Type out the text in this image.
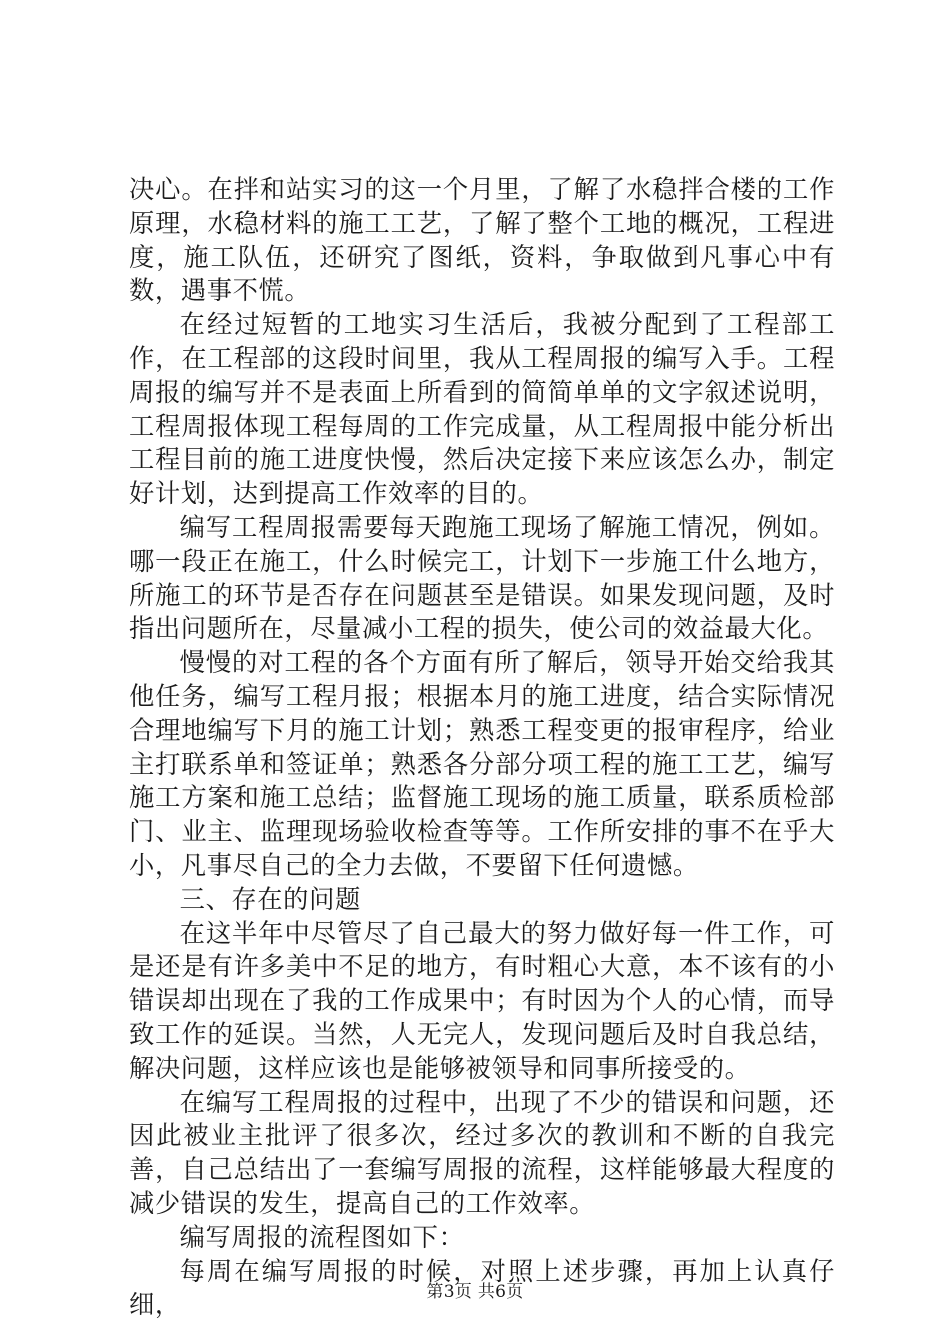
决心。在拌和站实习的这一个月里，了解了水稳拌合楼的工作原理，水稳材料的施工工艺，了解了整个工地的概况，工程进度，施工队伍，还研究了图纸，资料，争取做到凡事心中有数，遇事不慌。

在经过短暂的工地实习生活后，我被分配到了工程部工作，在工程部的这段时间里，我从工程周报的编写入手。工程周报的编写并不是表面上所看到的简简单单的文字叙述说明，工程周报体现工程每周的工作完成量，从工程周报中能分析出工程目前的施工进度快慢，然后决定接下来应该怎么办，制定好计划，达到提高工作效率的目的。

编写工程周报需要每天跑施工现场了解施工情况，例如。哪一段正在施工，什么时候完工，计划下一步施工什么地方，所施工的环节是否存在问题甚至是错误。如果发现问题，及时指出问题所在，尽量减小工程的损失，使公司的效益最大化。

慢慢的对工程的各个方面有所了解后，领导开始交给我其他任务，编写工程月报；根据本月的施工进度，结合实际情况合理地编写下月的施工计划；熟悉工程变更的报审程序，给业主打联系单和签证单；熟悉各分部分项工程的施工工艺，编写施工方案和施工总结；监督施工现场的施工质量，联系质检部门、业主、监理现场验收检查等等。工作所安排的事不在乎大小，凡事尽自己的全力去做，不要留下任何遗憾。

三、存在的问题

在这半年中尽管尽了自己最大的努力做好每一件工作，可是还是有许多美中不足的地方，有时粗心大意，本不该有的小错误却出现在了我的工作成果中；有时因为个人的心情，而导致工作的延误。当然，人无完人，发现问题后及时自我总结，解决问题，这样应该也是能够被领导和同事所接受的。

在编写工程周报的过程中，出现了不少的错误和问题，还因此被业主批评了很多次，经过多次的教训和不断的自我完善，自己总结出了一套编写周报的流程，这样能够最大程度的减少错误的发生，提高自己的工作效率。

编写周报的流程图如下：

每周在编写周报的时候，对照上述步骤，再加上认真仔细，	第3页 共6页
